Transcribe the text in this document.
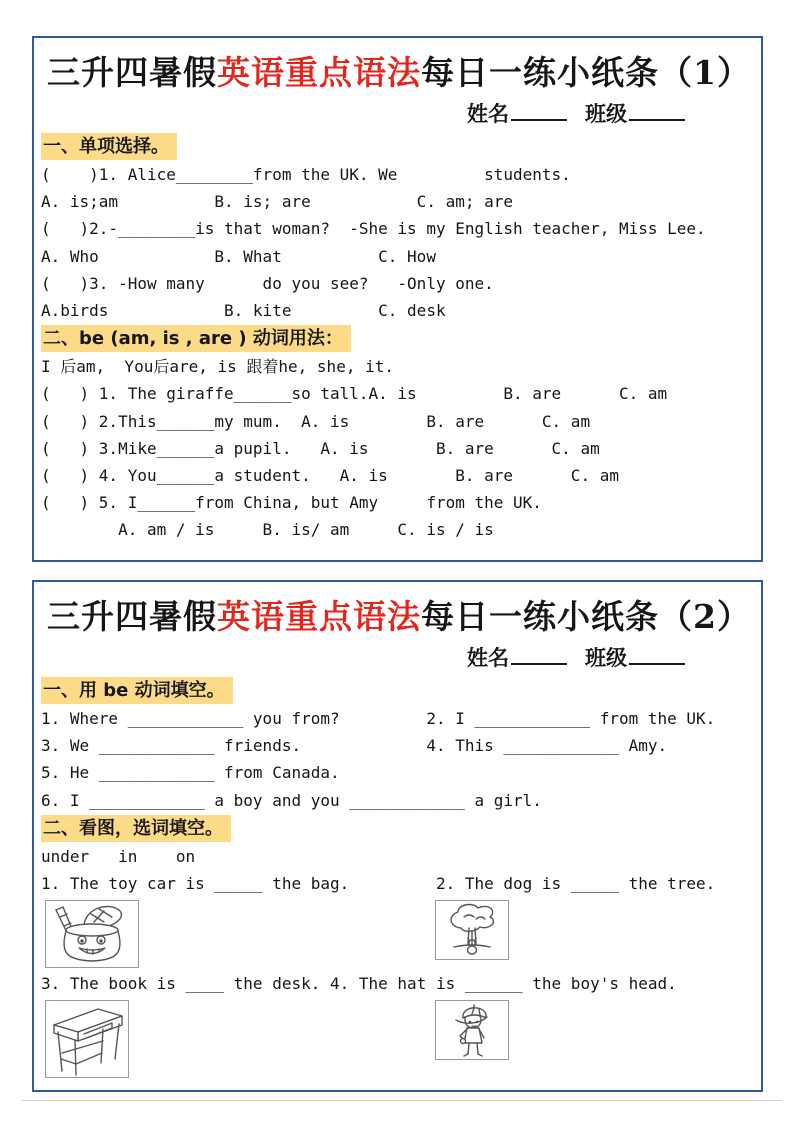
三升四暑假英语重点语法每日一练小纸条（1）
姓名	班级
一、单项选择。
(    )1. Alice________from the UK. We         students.
A. is;am          B. is; are           C. am; are
(   )2.-________is that woman?  -She is my English teacher, Miss Lee.
A. Who            B. What          C. How
(   )3. -How many      do you see?   -Only one.
A.birds            B. kite         C. desk
二、be (am, is , are ) 动词用法：
I 后am,  You后are, is 跟着he, she, it.
(   ) 1. The giraffe______so tall.A. is         B. are      C. am
(   ) 2.This______my mum.  A. is        B. are      C. am
(   ) 3.Mike______a pupil.   A. is       B. are      C. am
(   ) 4. You______a student.   A. is       B. are      C. am
(   ) 5. I______from China, but Amy     from the UK.
A. am / is     B. is/ am     C. is / is
三升四暑假英语重点语法每日一练小纸条（2）
姓名	班级
一、用 be 动词填空。
1. Where ____________ you from?         2. I ____________ from the UK.
3. We ____________ friends.             4. This ____________ Amy.
5. He ____________ from Canada.
6. I ____________ a boy and you ____________ a girl.
二、看图，选词填空。
under   in    on
1. The toy car is _____ the bag.         2. The dog is _____ the tree.
3. The book is ____ the desk. 4. The hat is ______ the boy's head.
